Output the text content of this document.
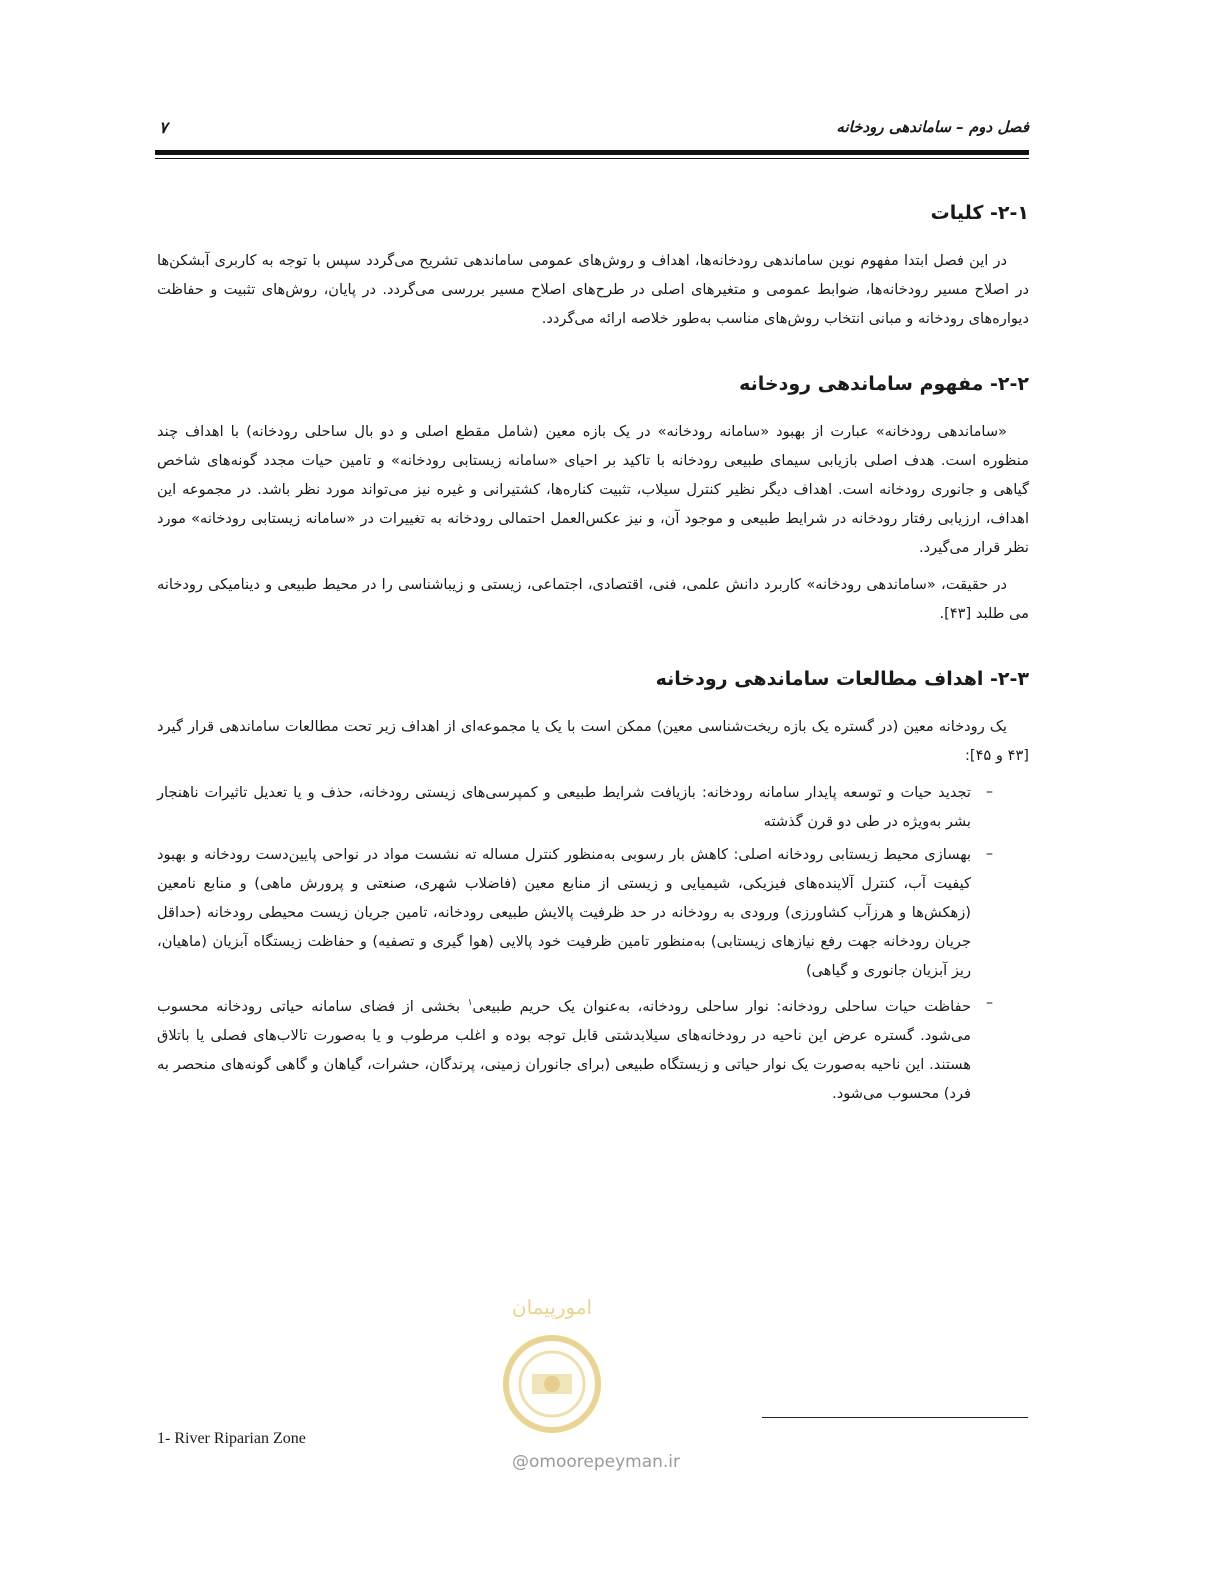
فصل دوم – ساماندهی رودخانه
۷
۲-۱- کلیات

در این فصل ابتدا مفهوم نوین ساماندهی رودخانه‌ها، اهداف و روش‌های عمومی ساماندهی تشریح می‌گردد سپس با توجه به کاربری آبشکن‌ها در اصلاح مسیر رودخانه‌ها، ضوابط عمومی و متغیرهای اصلی در طرح‌های اصلاح مسیر بررسی می‌گردد. در پایان، روش‌های تثبیت و حفاظت دیواره‌های رودخانه و مبانی انتخاب روش‌های مناسب به‌طور خلاصه ارائه می‌گردد.

۲-۲- مفهوم ساماندهی رودخانه

«ساماندهی رودخانه» عبارت از بهبود «سامانه رودخانه» در یک بازه معین (شامل مقطع اصلی و دو بال ساحلی رودخانه) با اهداف چند منظوره است. هدف اصلی بازیابی سیمای طبیعی رودخانه با تاکید بر احیای «سامانه زیستابی رودخانه» و تامین حیات مجدد گونه‌های شاخص گیاهی و جانوری رودخانه است. اهداف دیگر نظیر کنترل سیلاب، تثبیت کناره‌ها، کشتیرانی و غیره نیز می‌تواند مورد نظر باشد. در مجموعه این اهداف، ارزیابی رفتار رودخانه در شرایط طبیعی و موجود آن، و نیز عکس‌العمل احتمالی رودخانه به تغییرات در «سامانه زیستابی رودخانه» مورد نظر قرار می‌گیرد.

در حقیقت، «ساماندهی رودخانه» کاربرد دانش علمی، فنی، اقتصادی، اجتماعی، زیستی و زیباشناسی را در محیط طبیعی و دینامیکی رودخانه می طلبد [۴۳].

۲-۳- اهداف مطالعات ساماندهی رودخانه

یک رودخانه معین (در گستره یک بازه ریخت‌شناسی معین) ممکن است با یک یا مجموعه‌ای از اهداف زیر تحت مطالعات ساماندهی قرار گیرد [۴۳ و ۴۵]:

–
تجدید حیات و توسعه پایدار سامانه رودخانه: بازیافت شرایط طبیعی و کمپرسی‌های زیستی رودخانه، حذف و یا تعدیل تاثیرات ناهنجار بشر به‌ویژه در طی دو قرن گذشته
–
بهسازی محیط زیستابی رودخانه اصلی: کاهش بار رسوبی به‌منظور کنترل مساله ته نشست مواد در نواحی پایین‌دست رودخانه و بهبود کیفیت آب، کنترل آلاینده‌های فیزیکی، شیمیایی و زیستی از منابع معین (فاضلاب شهری، صنعتی و پرورش ماهی) و منابع نامعین (زهکش‌ها و هرزآب کشاورزی) ورودی به رودخانه در حد ظرفیت پالایش طبیعی رودخانه، تامین جریان زیست محیطی رودخانه (حداقل جریان رودخانه جهت رفع نیازهای زیستابی) به‌منظور تامین ظرفیت خود پالایی (هوا گیری و تصفیه) و حفاظت زیستگاه آبزیان (ماهیان، ریز آبزیان جانوری و گیاهی)
–
حفاظت حیات ساحلی رودخانه: نوار ساحلی رودخانه، به‌عنوان یک حریم طبیعی$^۱$ بخشی از فضای سامانه حیاتی رودخانه محسوب می‌شود. گستره عرض این ناحیه در رودخانه‌های سیلابدشتی قابل توجه بوده و اغلب مرطوب و یا به‌صورت تالاب‌های فصلی یا باتلاق هستند. این ناحیه به‌صورت یک نوار حیاتی و زیستگاه طبیعی (برای جانوران زمینی، پرندگان، حشرات، گیاهان و گاهی گونه‌های منحصر به فرد) محسوب می‌شود.
1- River Riparian Zone
امورپیمان
@omoorepeyman.ir
